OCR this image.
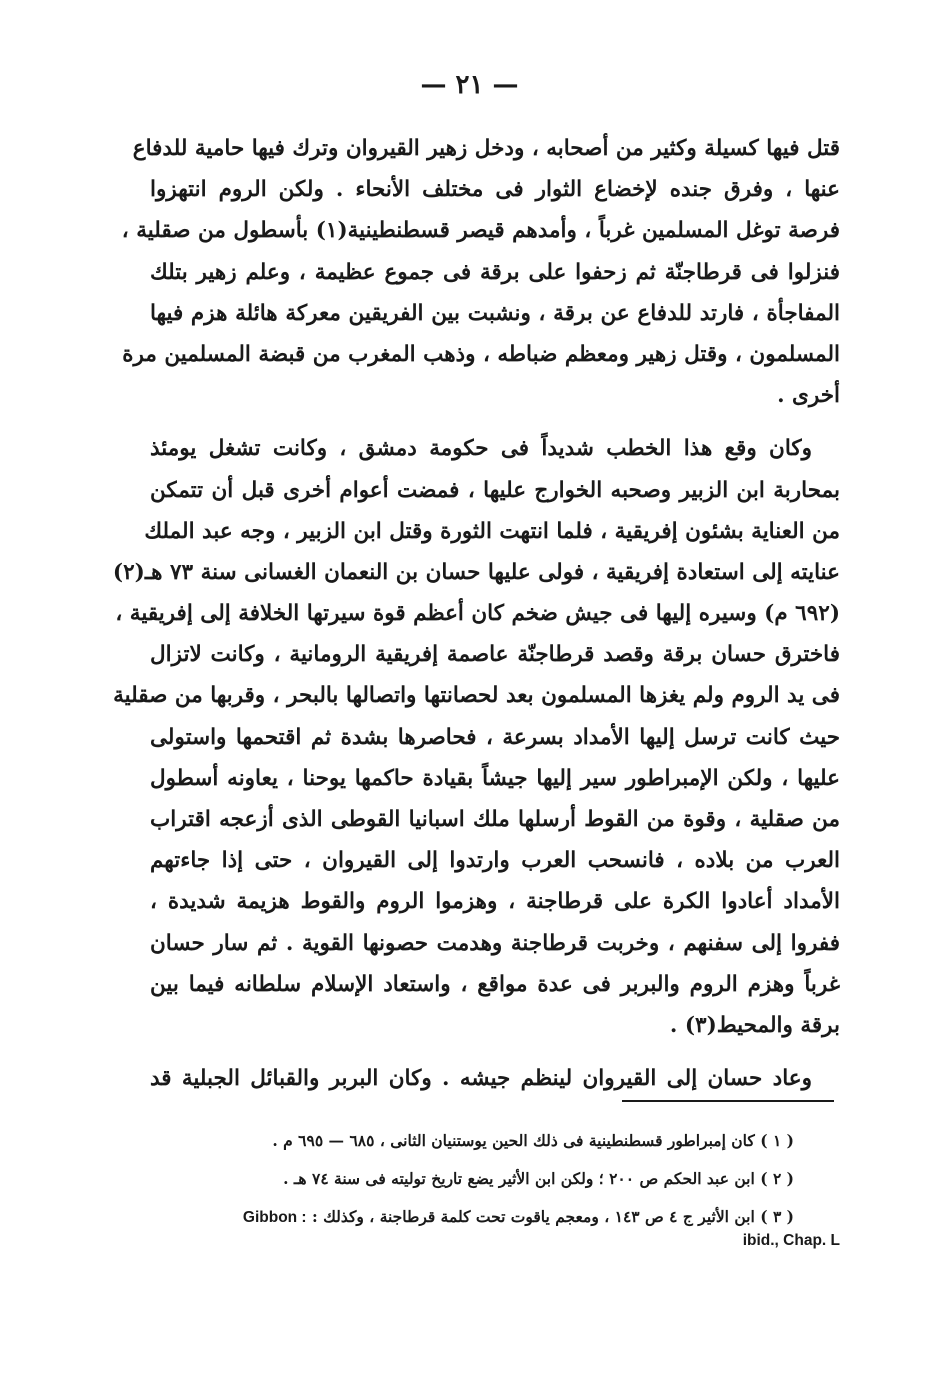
— ٢١ —

قتل فيها كسيلة وكثير من أصحابه ، ودخل زهير القيروان وترك فيها حامية للدفاع
عنها ، وفرق جنده لإخضاع الثوار فى مختلف الأنحاء . ولكن الروم انتهزوا
فرصة توغل المسلمين غرباً ، وأمدهم قيصر قسطنطينية(١) بأسطول من صقلية ،
فنزلوا فى قرطاجنّة ثم زحفوا على برقة فى جموع عظيمة ، وعلم زهير بتلك
المفاجأة ، فارتد للدفاع عن برقة ، ونشبت بين الفريقين معركة هائلة هزم فيها
المسلمون ، وقتل زهير ومعظم ضباطه ، وذهب المغرب من قبضة المسلمين مرة
أخرى .

وكان وقع هذا الخطب شديداً فى حكومة دمشق ، وكانت تشغل يومئذ
بمحاربة ابن الزبير وصحبه الخوارج عليها ، فمضت أعوام أخرى قبل أن تتمكن
من العناية بشئون إفريقية ، فلما انتهت الثورة وقتل ابن الزبير ، وجه عبد الملك
عنايته إلى استعادة إفريقية ، فولى عليها حسان بن النعمان الغسانى سنة ٧٣ هـ(٢)
(٦٩٢ م) وسيره إليها فى جيش ضخم كان أعظم قوة سيرتها الخلافة إلى إفريقية ،
فاخترق حسان برقة وقصد قرطاجنّة عاصمة إفريقية الرومانية ، وكانت لاتزال
فى يد الروم ولم يغزها المسلمون بعد لحصانتها واتصالها بالبحر ، وقربها من صقلية
حيث كانت ترسل إليها الأمداد بسرعة ، فحاصرها بشدة ثم اقتحمها واستولى
عليها ، ولكن الإمبراطور سير إليها جيشاً بقيادة حاكمها يوحنا ، يعاونه أسطول
من صقلية ، وقوة من القوط أرسلها ملك اسبانيا القوطى الذى أزعجه اقتراب
العرب من بلاده ، فانسحب العرب وارتدوا إلى القيروان ، حتى إذا جاءتهم
الأمداد أعادوا الكرة على قرطاجنة ، وهزموا الروم والقوط هزيمة شديدة ،
ففروا إلى سفنهم ، وخربت قرطاجنة وهدمت حصونها القوية . ثم سار حسان
غرباً وهزم الروم والبربر فى عدة مواقع ، واستعاد الإسلام سلطانه فيما بين
برقة والمحيط(٣) .

وعاد حسان إلى القيروان لينظم جيشه . وكان البربر والقبائل الجبلية قد

( ١ ) كان إمبراطور قسطنطينية فى ذلك الحين يوستنيان الثانى ، ٦٨٥ — ٦٩٥ م .
( ٢ ) ابن عبد الحكم ص ٢٠٠ ؛ ولكن ابن الأثير يضع تاريخ توليته فى سنة ٧٤ هـ .
( ٣ ) ابن الأثير ج ٤ ص ١٤٣ ، ومعجم ياقوت تحت كلمة قرطاجنة ، وكذلك : Gibbon :
ibid., Chap. L
